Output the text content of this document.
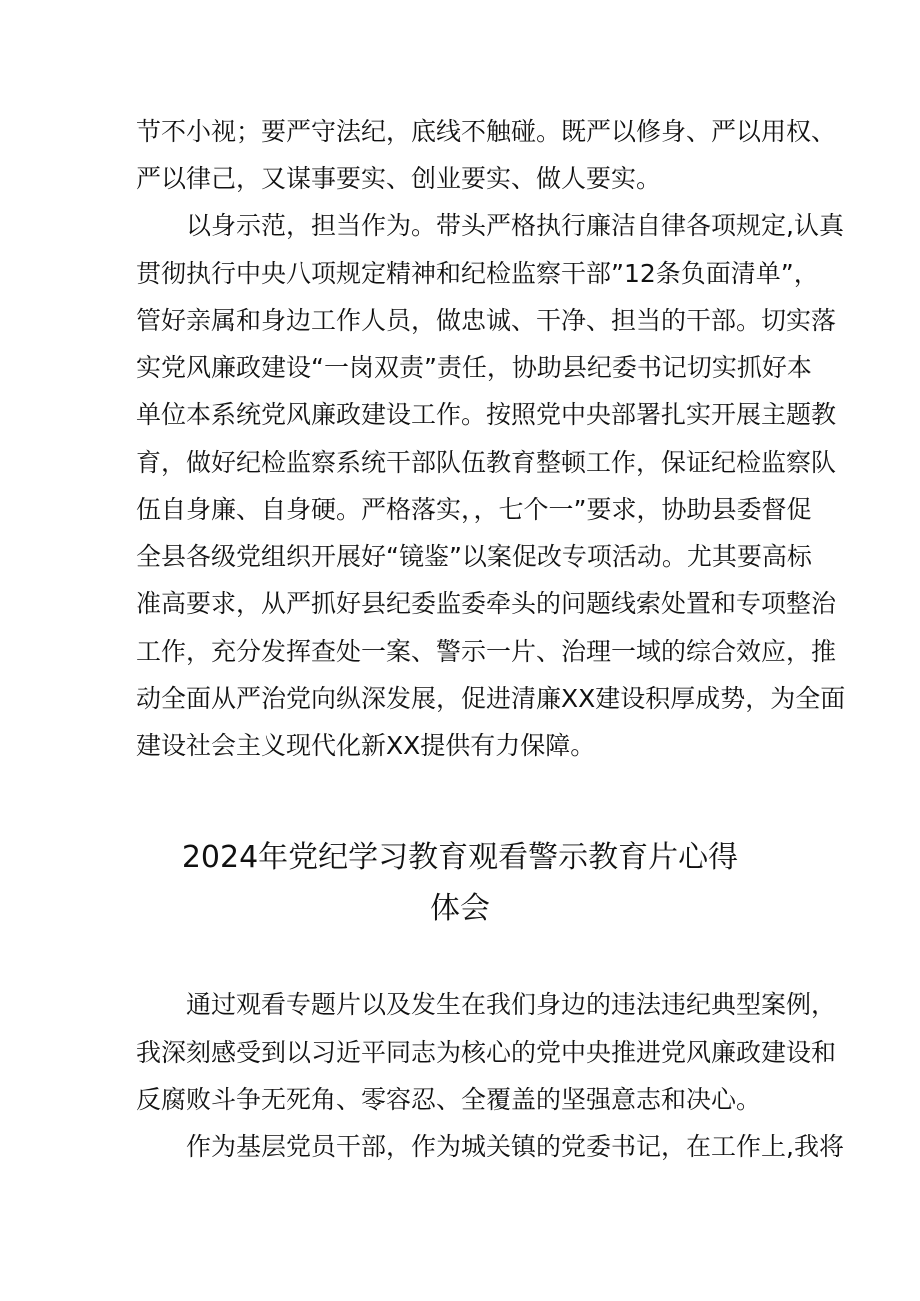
节不小视；要严守法纪，底线不触碰。既严以修身、严以用权、
严以律己，又谋事要实、创业要实、做人要实。
以身示范，担当作为。带头严格执行廉洁自律各项规定,认真
贯彻执行中央八项规定精神和纪检监察干部”12条负面清单”，
管好亲属和身边工作人员，做忠诚、干净、担当的干部。切实落
实党风廉政建设“一岗双责”责任，协助县纪委书记切实抓好本
单位本系统党风廉政建设工作。按照党中央部署扎实开展主题教
育，做好纪检监察系统干部队伍教育整顿工作，保证纪检监察队
伍自身廉、自身硬。严格落实，，七个一”要求，协助县委督促
全县各级党组织开展好“镜鉴”以案促改专项活动。尤其要高标
准高要求，从严抓好县纪委监委牵头的问题线索处置和专项整治
工作，充分发挥查处一案、警示一片、治理一域的综合效应，推
动全面从严治党向纵深发展，促进清廉XX建设积厚成势，为全面
建设社会主义现代化新XX提供有力保障。
2024年党纪学习教育观看警示教育片心得
体会
通过观看专题片以及发生在我们身边的违法违纪典型案例，
我深刻感受到以习近平同志为核心的党中央推进党风廉政建设和
反腐败斗争无死角、零容忍、全覆盖的坚强意志和决心。
作为基层党员干部，作为城关镇的党委书记，在工作上,我将
